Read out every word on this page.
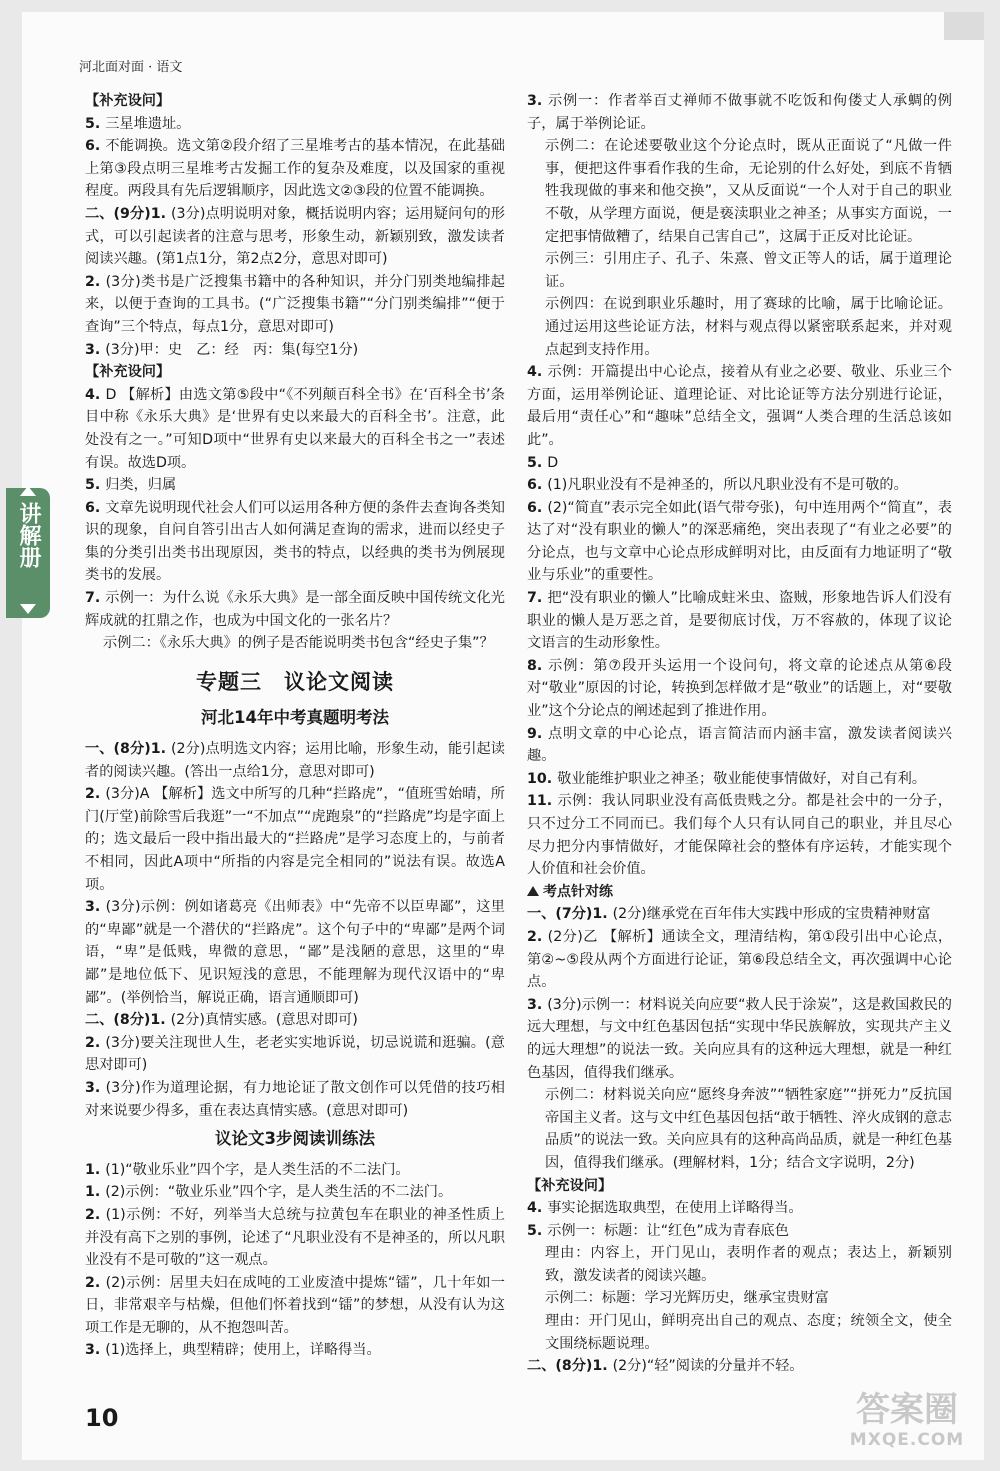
河北面对面 · 语文

【补充设问】

5. 三星堆遗址。

6. 不能调换。选文第②段介绍了三星堆考古的基本情况，在此基础上第③段点明三星堆考古发掘工作的复杂及难度，以及国家的重视程度。两段具有先后逻辑顺序，因此选文②③段的位置不能调换。

二、(9分)1. (3分)点明说明对象，概括说明内容；运用疑问句的形式，可以引起读者的注意与思考，形象生动，新颖别致，激发读者阅读兴趣。(第1点1分，第2点2分，意思对即可)

2. (3分)类书是广泛搜集书籍中的各种知识，并分门别类地编排起来，以便于查询的工具书。(“广泛搜集书籍”“分门别类编排”“便于查询”三个特点，每点1分，意思对即可)

3. (3分)甲：史　乙：经　丙：集(每空1分)

【补充设问】

4. D 【解析】由选文第⑤段中“《不列颠百科全书》在‘百科全书’条目中称《永乐大典》是‘世界有史以来最大的百科全书’。注意，此处没有之一。”可知D项中“世界有史以来最大的百科全书之一”表述有误。故选D项。

5. 归类，归属

6. 文章先说明现代社会人们可以运用各种方便的条件去查询各类知识的现象，自问自答引出古人如何满足查询的需求，进而以经史子集的分类引出类书出现原因，类书的特点，以经典的类书为例展现类书的发展。

7. 示例一：为什么说《永乐大典》是一部全面反映中国传统文化光辉成就的扛鼎之作，也成为中国文化的一张名片？

示例二：《永乐大典》的例子是否能说明类书包含“经史子集”？

专题三　议论文阅读
河北14年中考真题明考法

一、(8分)1. (2分)点明选文内容；运用比喻，形象生动，能引起读者的阅读兴趣。(答出一点给1分，意思对即可)

2. (3分)A 【解析】选文中所写的几种“拦路虎”，“值班雪始晴，所门(厅堂)前除雪后我逛”一“不加点”“虎跑泉”的“拦路虎”均是字面上的；选文最后一段中指出最大的“拦路虎”是学习态度上的，与前者不相同，因此A项中“所指的内容是完全相同的”说法有误。故选A项。

3. (3分)示例：例如诸葛亮《出师表》中“先帝不以臣卑鄙”，这里的“卑鄙”就是一个潜伏的“拦路虎”。这个句子中的“卑鄙”是两个词语，“卑”是低贱，卑微的意思，“鄙”是浅陋的意思，这里的“卑鄙”是地位低下、见识短浅的意思，不能理解为现代汉语中的“卑鄙”。(举例恰当，解说正确，语言通顺即可)

二、(8分)1. (2分)真情实感。(意思对即可)

2. (3分)要关注现世人生，老老实实地诉说，切忌说谎和逛骗。(意思对即可)

3. (3分)作为道理论据，有力地论证了散文创作可以凭借的技巧相对来说要少得多，重在表达真情实感。(意思对即可)

议论文3步阅读训练法

1. (1)“敬业乐业”四个字，是人类生活的不二法门。

1. (2)示例：“敬业乐业”四个字，是人类生活的不二法门。

2. (1)示例：不好，列举当大总统与拉黄包车在职业的神圣性质上并没有高下之别的事例，论述了“凡职业没有不是神圣的，所以凡职业没有不是可敬的”这一观点。

2. (2)示例：居里夫妇在成吨的工业废渣中提炼“镭”，几十年如一日，非常艰辛与枯燥，但他们怀着找到“镭”的梦想，从没有认为这项工作是无聊的，从不抱怨叫苦。

3. (1)选择上，典型精辟；使用上，详略得当。

3. 示例一：作者举百丈禅师不做事就不吃饭和佝偻丈人承蜩的例子，属于举例论证。

示例二：在论述要敬业这个分论点时，既从正面说了“凡做一件事，便把这件事看作我的生命，无论别的什么好处，到底不肯牺牲我现做的事来和他交换”，又从反面说“一个人对于自己的职业不敬，从学理方面说，便是亵渎职业之神圣；从事实方面说，一定把事情做糟了，结果自己害自己”，这属于正反对比论证。

示例三：引用庄子、孔子、朱熹、曾文正等人的话，属于道理论证。

示例四：在说到职业乐趣时，用了赛球的比喻，属于比喻论证。通过运用这些论证方法，材料与观点得以紧密联系起来，并对观点起到支持作用。

4. 示例：开篇提出中心论点，接着从有业之必要、敬业、乐业三个方面，运用举例论证、道理论证、对比论证等方法分别进行论证，最后用“责任心”和“趣味”总结全文，强调“人类合理的生活总该如此”。

5. D

6. (1)凡职业没有不是神圣的，所以凡职业没有不是可敬的。

6. (2)“简直”表示完全如此(语气带夸张)，句中连用两个“简直”，表达了对“没有职业的懒人”的深恶痛绝，突出表现了“有业之必要”的分论点，也与文章中心论点形成鲜明对比，由反面有力地证明了“敬业与乐业”的重要性。

7. 把“没有职业的懒人”比喻成蛀米虫、盗贼，形象地告诉人们没有职业的懒人是万恶之首，是要彻底讨伐，万不容赦的，体现了议论文语言的生动形象性。

8. 示例：第⑦段开头运用一个设问句，将文章的论述点从第⑥段对“敬业”原因的讨论，转换到怎样做才是“敬业”的话题上，对“要敬业”这个分论点的阐述起到了推进作用。

9. 点明文章的中心论点，语言简洁而内涵丰富，激发读者阅读兴趣。

10. 敬业能维护职业之神圣；敬业能使事情做好，对自己有利。

11. 示例：我认同职业没有高低贵贱之分。都是社会中的一分子，只不过分工不同而已。我们每个人只有认同自己的职业，并且尽心尽力把分内事情做好，才能保障社会的整体有序运转，才能实现个人价值和社会价值。

考点针对练

一、(7分)1. (2分)继承党在百年伟大实践中形成的宝贵精神财富

2. (2分)乙 【解析】通读全文，理清结构，第①段引出中心论点，第②~⑤段从两个方面进行论证，第⑥段总结全文，再次强调中心论点。

3. (3分)示例一：材料说关向应要“救人民于涂炭”，这是救国救民的远大理想，与文中红色基因包括“实现中华民族解放，实现共产主义的远大理想”的说法一致。关向应具有的这种远大理想，就是一种红色基因，值得我们继承。

示例二：材料说关向应“愿终身奔波”“牺牲家庭”“拼死力”反抗国帝国主义者。这与文中红色基因包括“敢于牺牲、淬火成钢的意志品质”的说法一致。关向应具有的这种高尚品质，就是一种红色基因，值得我们继承。(理解材料，1分；结合文字说明，2分)

【补充设问】

4. 事实论据选取典型，在使用上详略得当。

5. 示例一：标题：让“红色”成为青春底色

理由：内容上，开门见山，表明作者的观点；表达上，新颖别致，激发读者的阅读兴趣。

示例二：标题：学习光辉历史，继承宝贵财富

理由：开门见山，鲜明亮出自己的观点、态度；统领全文，使全文围绕标题说理。

二、(8分)1. (2分)“轻”阅读的分量并不轻。

10	答案圈
MXQE.COM
讲解册
